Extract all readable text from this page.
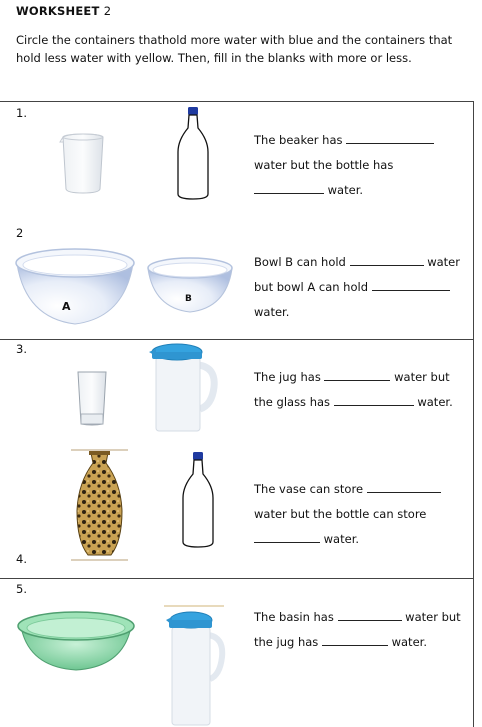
WORKSHEET 2
Circle the containers thathold more water with blue and the containers that hold less water with yellow. Then, fill in the blanks with more or less.
1.
The beaker has
water but the bottle has
water.
2
A
B
Bowl B can hold	water
but bowl A can hold
water.
3.
The jug has	water but
the glass has	water.
The vase can store
water but the bottle can store
water.
4.
5.
The basin has	water but
the jug has	water.
